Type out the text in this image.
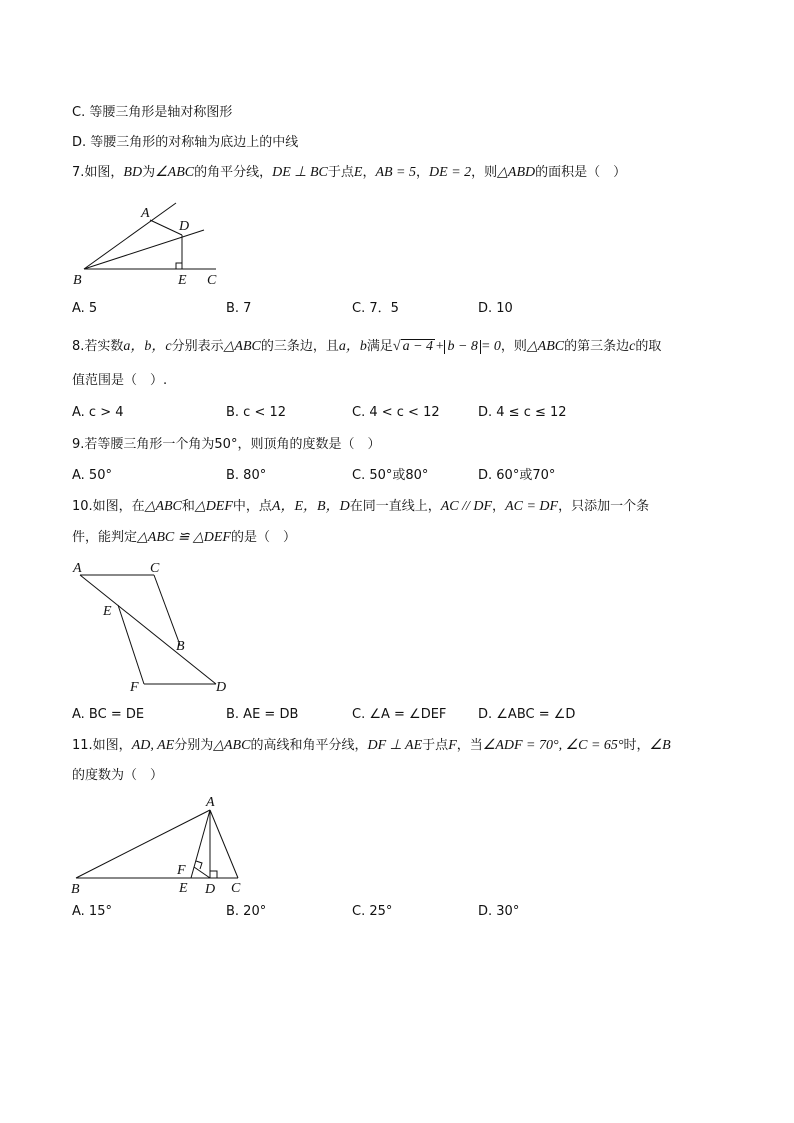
C. 等腰三角形是轴对称图形
D. 等腰三角形的对称轴为底边上的中线
7.如图，BD为∠ABC的角平分线，DE ⊥ BC于点E，AB = 5，DE = 2，则△ABD的面积是（　）
A
D
B	E C
A. 5	B. 7	C. 7．5	D. 10
8.若实数a，b，c分别表示△ABC的三条边，且a，b满足√ a − 4 + b − 8 = 0，则△ABC的第三条边c的取
值范围是（　）.
A. c > 4	B. c < 12	C. 4 < c < 12	D. 4 ≤ c ≤ 12
9.若等腰三角形一个角为50°，则顶角的度数是（　）
A. 50°	B. 80°	C. 50°或80°	D. 60°或70°
10.如图，在△ABC和△DEF中，点A，E，B，D在同一直线上，AC // DF，AC = DF，只添加一个条
件，能判定△ABC ≌ △DEF的是（　）
A	C
E
B
F	D
A. BC = DE	B. AE = DB	C. ∠A = ∠DEF D. ∠ABC = ∠D
11.如图，AD, AE分别为△ABC的高线和角平分线，DF ⊥ AE于点F，当∠ADF = 70°, ∠C = 65°时，∠B
的度数为（　）
A
F
B	E D C
A. 15°	B. 20°	C. 25°	D. 30°
